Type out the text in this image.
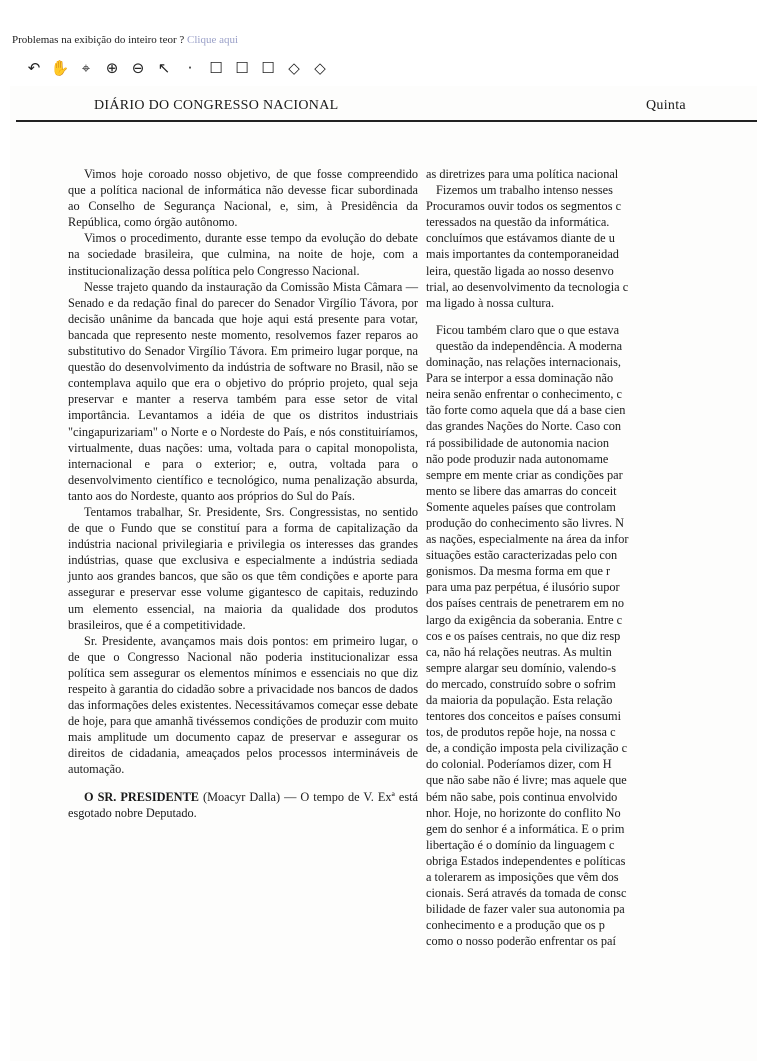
Problemas na exibição do inteiro teor ? Clique aqui
↶ ✋ ⌖	⊕ ⊖ ↖	·	☐ ☐ ☐ ◇ ◇
DIÁRIO DO CONGRESSO NACIONAL	Quinta

Vimos hoje coroado nosso objetivo, de que fosse compreendido que a política nacional de informática não devesse ficar subordinada ao Conselho de Segurança Nacional, e, sim, à Presidência da República, como órgão autônomo.

Vimos o procedimento, durante esse tempo da evolução do debate na sociedade brasileira, que culmina, na noite de hoje, com a institucionalização dessa política pelo Congresso Nacional.

Nesse trajeto quando da instauração da Comissão Mista Câmara — Senado e da redação final do parecer do Senador Virgílio Távora, por decisão unânime da bancada que hoje aqui está presente para votar, bancada que represento neste momento, resolvemos fazer reparos ao substitutivo do Senador Virgílio Távora. Em primeiro lugar porque, na questão do desenvolvimento da indústria de software no Brasil, não se contemplava aquilo que era o objetivo do próprio projeto, qual seja preservar e manter a reserva também para esse setor de vital importância. Levantamos a idéia de que os distritos industriais "cingapurizariam" o Norte e o Nordeste do País, e nós constituiríamos, virtualmente, duas nações: uma, voltada para o capital monopolista, internacional e para o exterior; e, outra, voltada para o desenvolvimento científico e tecnológico, numa penalização absurda, tanto aos do Nordeste, quanto aos próprios do Sul do País.

Tentamos trabalhar, Sr. Presidente, Srs. Congressistas, no sentido de que o Fundo que se constituí para a forma de capitalização da indústria nacional privilegiaria e privilegia os interesses das grandes indústrias, quase que exclusiva e especialmente a indústria sediada junto aos grandes bancos, que são os que têm condições e aporte para assegurar e preservar esse volume gigantesco de capitais, reduzindo um elemento essencial, na maioria da qualidade dos produtos brasileiros, que é a competitividade.

Sr. Presidente, avançamos mais dois pontos: em primeiro lugar, o de que o Congresso Nacional não poderia institucionalizar essa política sem assegurar os elementos mínimos e essenciais no que diz respeito à garantia do cidadão sobre a privacidade nos bancos de dados das informações deles existentes. Necessitávamos começar esse debate de hoje, para que amanhã tivéssemos condições de produzir com muito mais amplitude um documento capaz de preservar e assegurar os direitos de cidadania, ameaçados pelos processos intermináveis de automação.

O SR. PRESIDENTE (Moacyr Dalla) — O tempo de V. Exª está esgotado nobre Deputado.

as diretrizes para uma política nacional
Fizemos um trabalho intenso nesses
Procuramos ouvir todos os segmentos c
teressados na questão da informática.
concluímos que estávamos diante de u
mais importantes da contemporaneidad
leira, questão ligada ao nosso desenvo
trial, ao desenvolvimento da tecnologia c
ma ligado à nossa cultura.
Ficou também claro que o que estava
questão da independência. A moderna
dominação, nas relações internacionais,
Para se interpor a essa dominação não
neira senão enfrentar o conhecimento, c
tão forte como aquela que dá a base cien
das grandes Nações do Norte. Caso con
rá possibilidade de autonomia nacion
não pode produzir nada autonomame
sempre em mente criar as condições par
mento se libere das amarras do conceit
Somente aqueles países que controlam
produção do conhecimento são livres. N
as nações, especialmente na área da infor
situações estão caracterizadas pelo con
gonismos. Da mesma forma em que r
para uma paz perpétua, é ilusório supor
dos países centrais de penetrarem em no
largo da exigência da soberania. Entre c
cos e os países centrais, no que diz resp
ca, não há relações neutras. As multin
sempre alargar seu domínio, valendo-s
do mercado, construído sobre o sofrim
da maioria da população. Esta relação
tentores dos conceitos e países consumi
tos, de produtos repõe hoje, na nossa c
de, a condição imposta pela civilização c
do colonial. Poderíamos dizer, com H
que não sabe não é livre; mas aquele que
bém não sabe, pois continua envolvido
nhor. Hoje, no horizonte do conflito No
gem do senhor é a informática. E o prim
libertação é o domínio da linguagem c
obriga Estados independentes e políticas
a tolerarem as imposições que vêm dos
cionais. Será através da tomada de consc
bilidade de fazer valer sua autonomia pa
conhecimento e a produção que os p
como o nosso poderão enfrentar os paí
